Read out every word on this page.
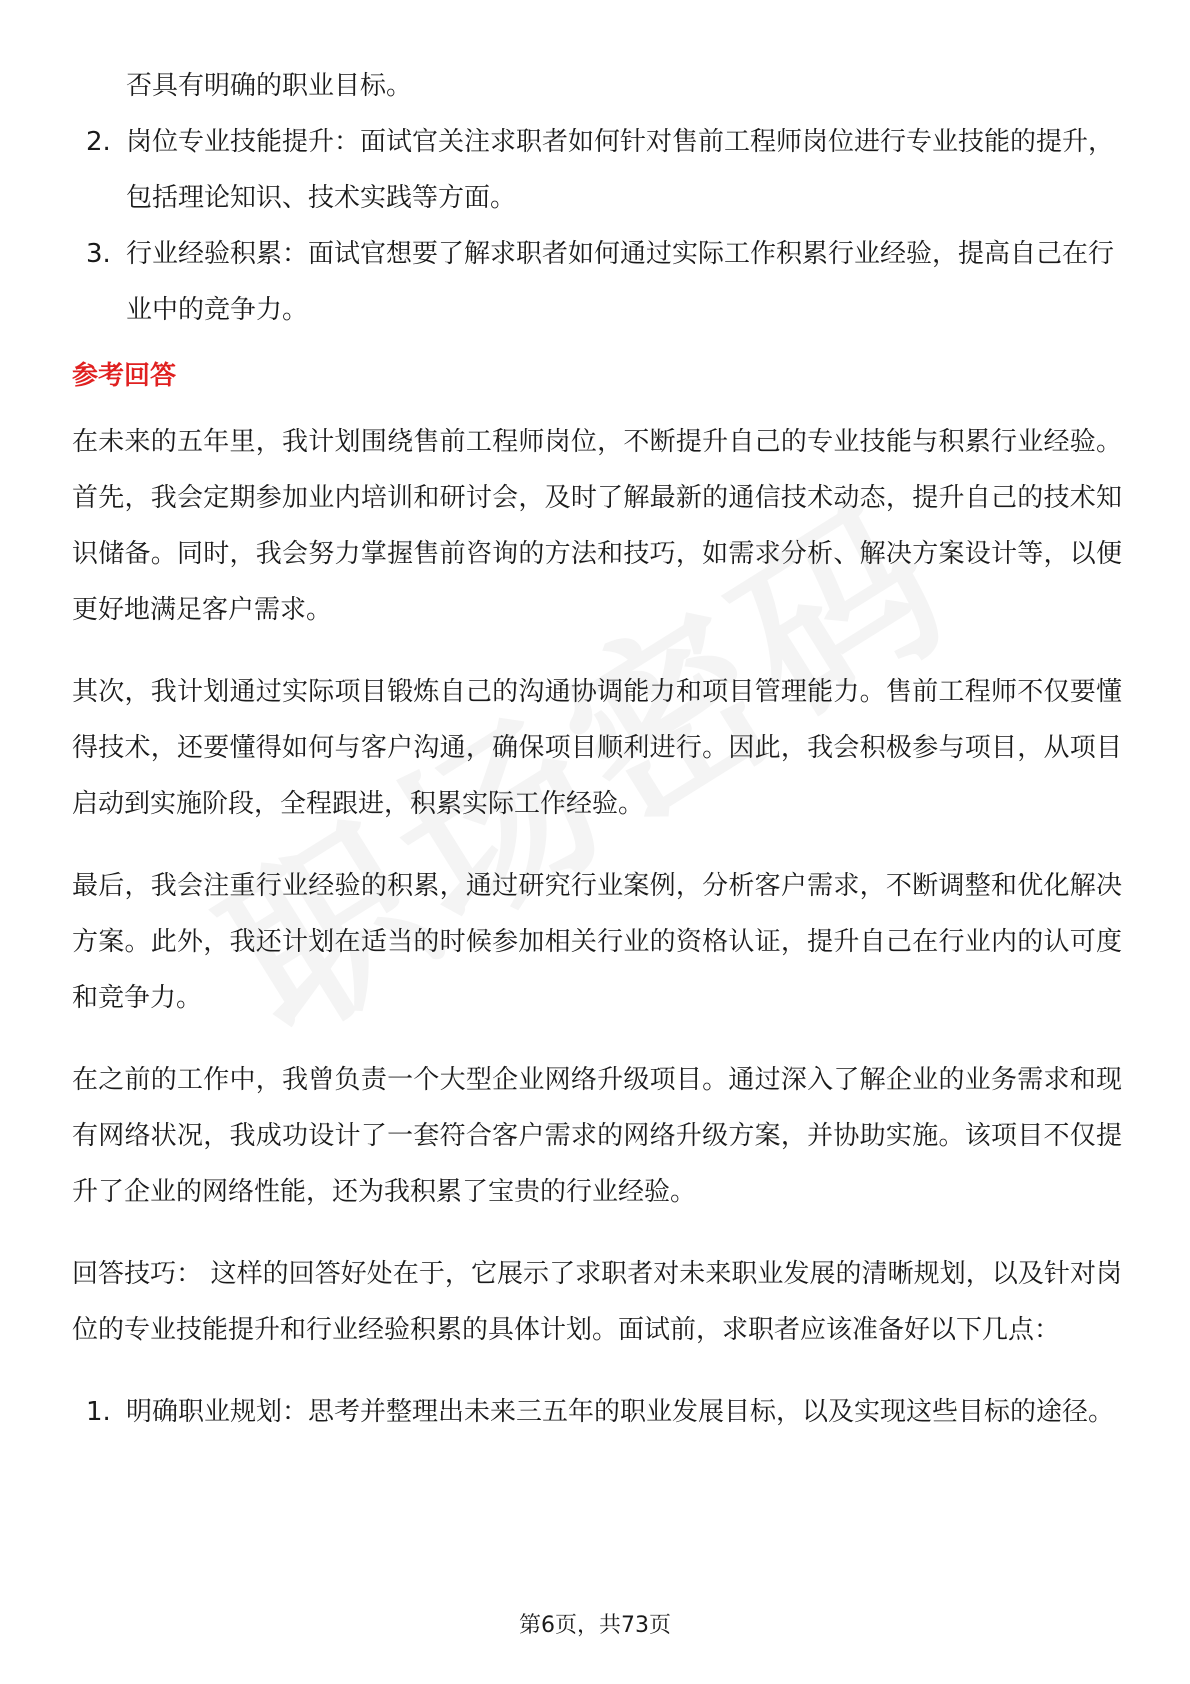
否具有明确的职业目标。
2. 岗位专业技能提升：面试官关注求职者如何针对售前工程师岗位进行专业技能的提升，包括理论知识、技术实践等方面。
3. 行业经验积累：面试官想要了解求职者如何通过实际工作积累行业经验，提高自己在行业中的竞争力。
参考回答

在未来的五年里，我计划围绕售前工程师岗位，不断提升自己的专业技能与积累行业经验。首先，我会定期参加业内培训和研讨会，及时了解最新的通信技术动态，提升自己的技术知识储备。同时，我会努力掌握售前咨询的方法和技巧，如需求分析、解决方案设计等，以便更好地满足客户需求。

其次，我计划通过实际项目锻炼自己的沟通协调能力和项目管理能力。售前工程师不仅要懂得技术，还要懂得如何与客户沟通，确保项目顺利进行。因此，我会积极参与项目，从项目启动到实施阶段，全程跟进，积累实际工作经验。

最后，我会注重行业经验的积累，通过研究行业案例，分析客户需求，不断调整和优化解决方案。此外，我还计划在适当的时候参加相关行业的资格认证，提升自己在行业内的认可度和竞争力。

在之前的工作中，我曾负责一个大型企业网络升级项目。通过深入了解企业的业务需求和现有网络状况，我成功设计了一套符合客户需求的网络升级方案，并协助实施。该项目不仅提升了企业的网络性能，还为我积累了宝贵的行业经验。

回答技巧： 这样的回答好处在于，它展示了求职者对未来职业发展的清晰规划，以及针对岗位的专业技能提升和行业经验积累的具体计划。面试前，求职者应该准备好以下几点：

1. 明确职业规划：思考并整理出未来三五年的职业发展目标，以及实现这些目标的途径。
第6页，共73页
